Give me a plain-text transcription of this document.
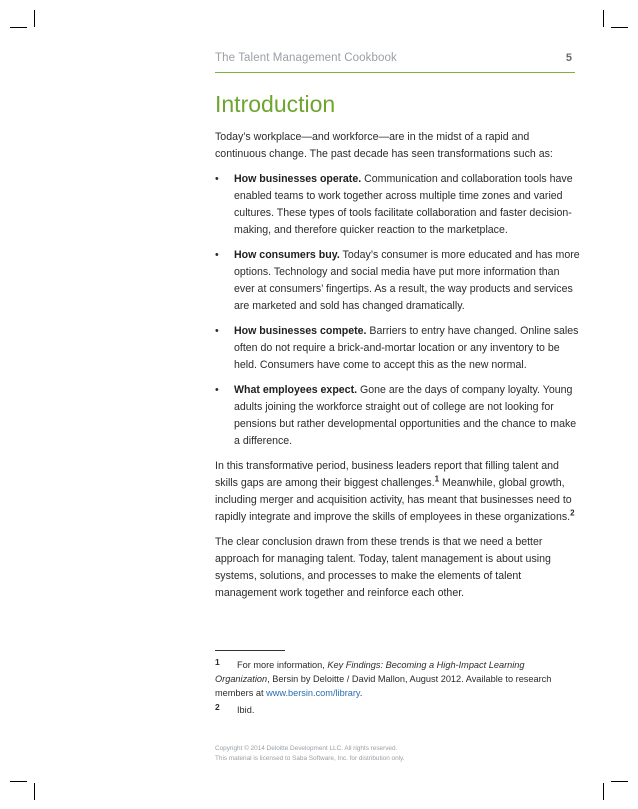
The Talent Management Cookbook	5
Introduction

Today’s workplace—and workforce—are in the midst of a rapid and continuous change. The past decade has seen transformations such as:

• How businesses operate. Communication and collaboration tools have enabled teams to work together across multiple time zones and varied cultures. These types of tools facilitate collaboration and faster decision-making, and therefore quicker reaction to the marketplace.
• How consumers buy. Today’s consumer is more educated and has more options. Technology and social media have put more information than ever at consumers’ fingertips. As a result, the way products and services are marketed and sold has changed dramatically.
• How businesses compete. Barriers to entry have changed. Online sales often do not require a brick-and-mortar location or any inventory to be held. Consumers have come to accept this as the new normal.
• What employees expect. Gone are the days of company loyalty. Young adults joining the workforce straight out of college are not looking for pensions but rather developmental opportunities and the chance to make a difference.

In this transformative period, business leaders report that filling talent and skills gaps are among their biggest challenges.$^1$ Meanwhile, global growth, including merger and acquisition activity, has meant that businesses need to rapidly integrate and improve the skills of employees in these organizations.$^2$

The clear conclusion drawn from these trends is that we need a better approach for managing talent. Today, talent management is about using systems, solutions, and processes to make the elements of talent management work together and reinforce each other.

1 For more information, Key Findings: Becoming a High-Impact Learning Organization, Bersin by Deloitte / David Mallon, August 2012. Available to research members at www.bersin.com/library.
2 Ibid.
Copyright © 2014 Deloitte Development LLC. All rights reserved.
This material is licensed to Saba Software, Inc. for distribution only.
